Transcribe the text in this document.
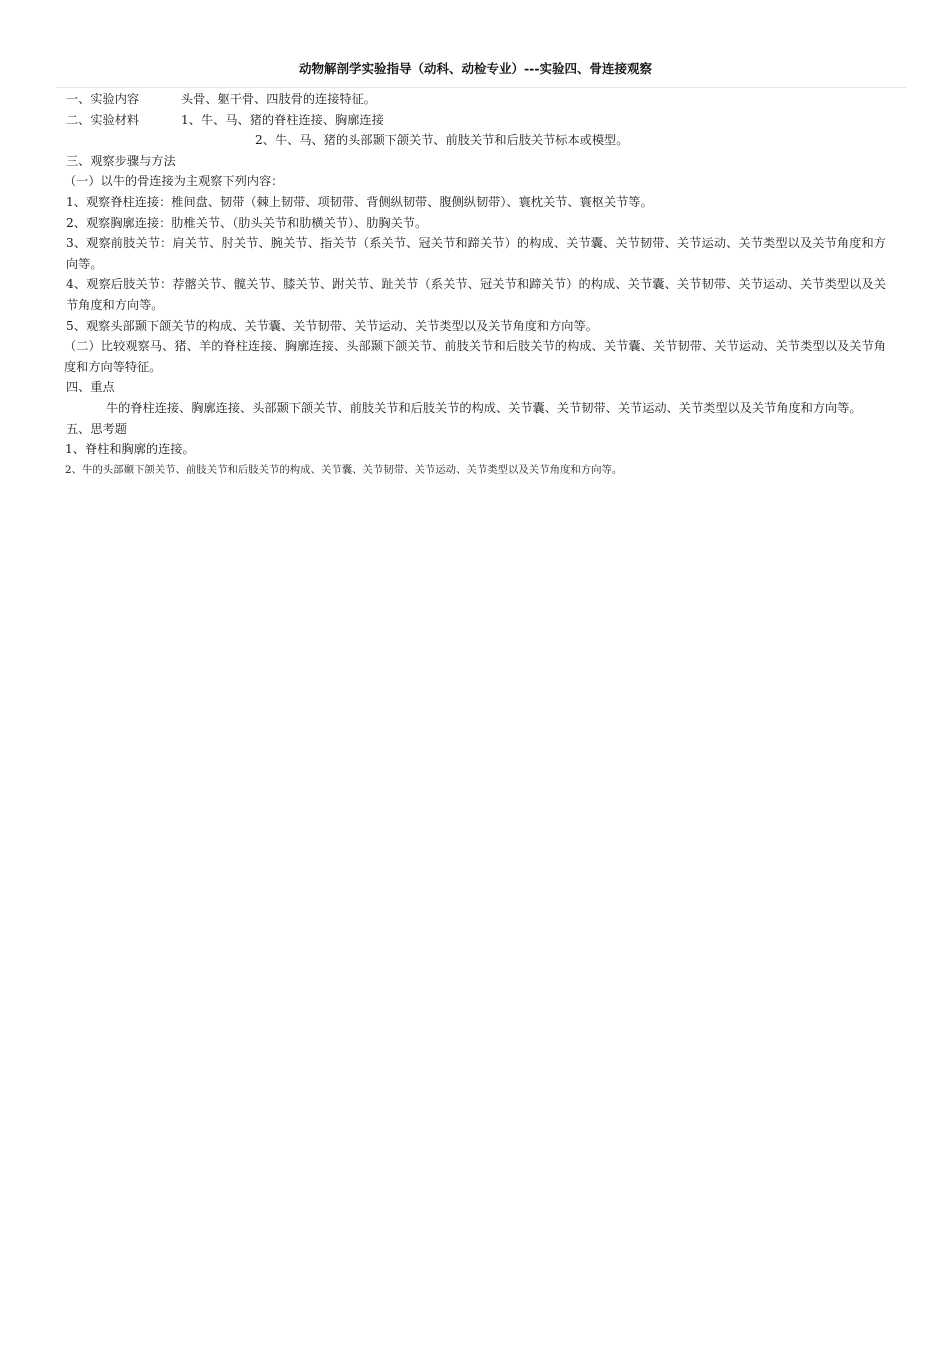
动物解剖学实验指导（动科、动检专业）---实验四、骨连接观察
一、实验内容	头骨、躯干骨、四肢骨的连接特征。
二、实验材料	1、牛、马、猪的脊柱连接、胸廓连接
2、牛、马、猪的头部颞下颌关节、前肢关节和后肢关节标本或模型。
三、观察步骤与方法
（一）以牛的骨连接为主观察下列内容：
1、观察脊柱连接：椎间盘、韧带（棘上韧带、项韧带、背侧纵韧带、腹侧纵韧带）、寰枕关节、寰枢关节等。
2、观察胸廓连接：肋椎关节、（肋头关节和肋横关节）、肋胸关节。
3、观察前肢关节：肩关节、肘关节、腕关节、指关节（系关节、冠关节和蹄关节）的构成、关节囊、关节韧带、关节运动、关节类型以及关节角度和方向等。
4、观察后肢关节：荐髂关节、髋关节、膝关节、跗关节、趾关节（系关节、冠关节和蹄关节）的构成、关节囊、关节韧带、关节运动、关节类型以及关节角度和方向等。
5、观察头部颞下颌关节的构成、关节囊、关节韧带、关节运动、关节类型以及关节角度和方向等。
（二）比较观察马、猪、羊的脊柱连接、胸廓连接、头部颞下颌关节、前肢关节和后肢关节的构成、关节囊、关节韧带、关节运动、关节类型以及关节角度和方向等特征。
四、重点
牛的脊柱连接、胸廓连接、头部颞下颌关节、前肢关节和后肢关节的构成、关节囊、关节韧带、关节运动、关节类型以及关节角度和方向等。
五、思考题
1、脊柱和胸廓的连接。
2、牛的头部颞下颌关节、前肢关节和后肢关节的构成、关节囊、关节韧带、关节运动、关节类型以及关节角度和方向等。
